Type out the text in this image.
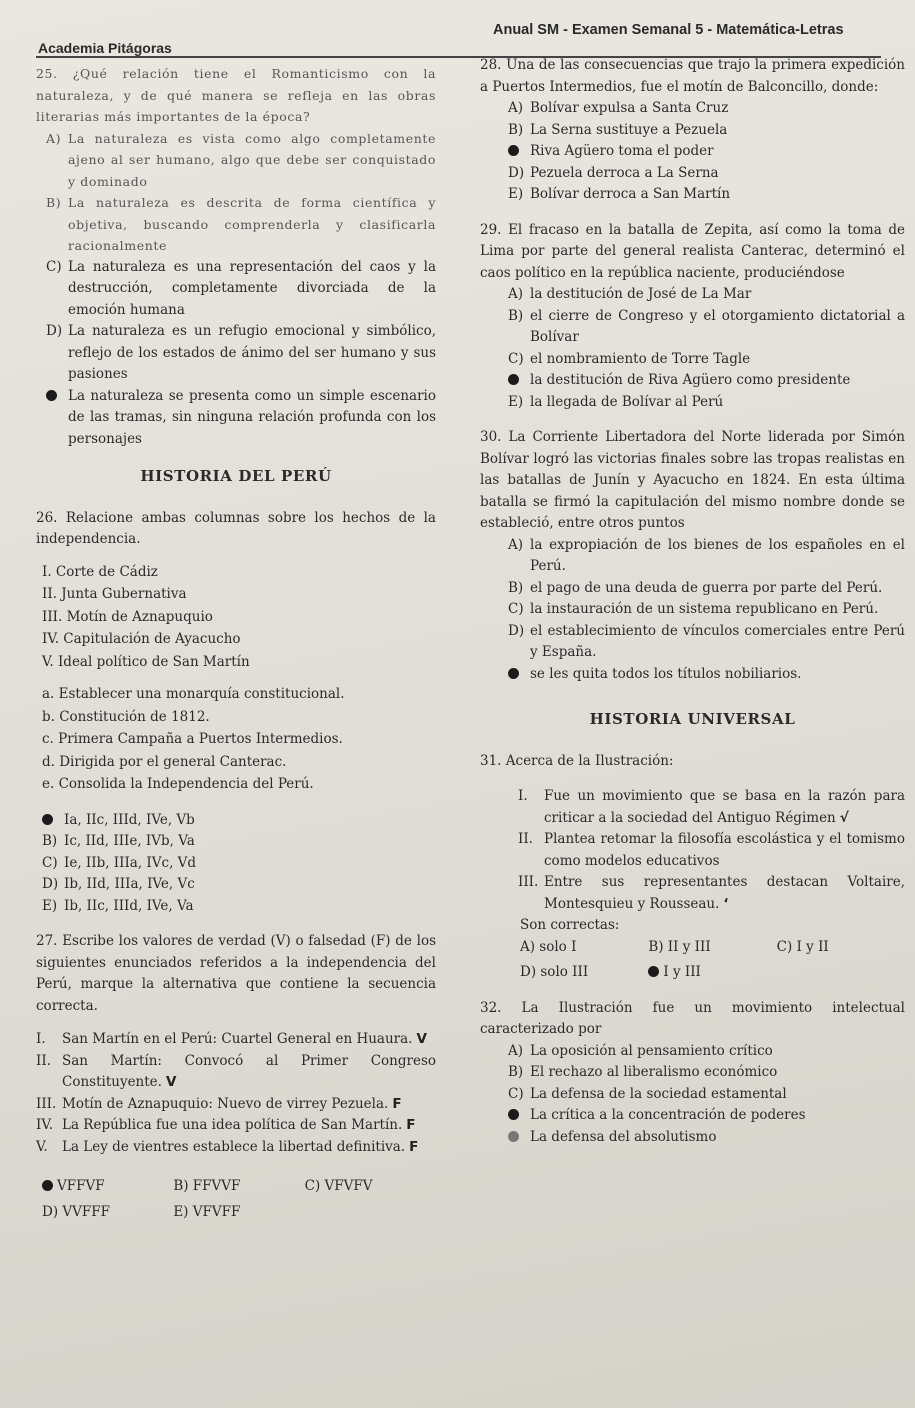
Academia Pitágoras
Anual SM - Examen Semanal 5 - Matemática-Letras
25. ¿Qué relación tiene el Romanticismo con la naturaleza, y de qué manera se refleja en las obras literarias más importantes de la época?
A) La naturaleza es vista como algo completamente ajeno al ser humano, algo que debe ser conquistado y dominado
B) La naturaleza es descrita de forma científica y objetiva, buscando comprenderla y clasificarla racionalmente
C) La naturaleza es una representación del caos y la destrucción, completamente divorciada de la emoción humana
D) La naturaleza es un refugio emocional y simbólico, reflejo de los estados de ánimo del ser humano y sus pasiones
La naturaleza se presenta como un simple escenario de las tramas, sin ninguna relación profunda con los personajes
HISTORIA DEL PERÚ
26. Relacione ambas columnas sobre los hechos de la independencia.
I. Corte de Cádiz
II. Junta Gubernativa
III. Motín de Aznapuquio
IV. Capitulación de Ayacucho
V. Ideal político de San Martín
a. Establecer una monarquía constitucional.
b. Constitución de 1812.
c. Primera Campaña a Puertos Intermedios.
d. Dirigida por el general Canterac.
e. Consolida la Independencia del Perú.
Ia, IIc, IIId, IVe, Vb
B) Ic, IId, IIIe, IVb, Va
C) Ie, IIb, IIIa, IVc, Vd
D) Ib, IId, IIIa, IVe, Vc
E) Ib, IIc, IIId, IVe, Va
27. Escribe los valores de verdad (V) o falsedad (F) de los siguientes enunciados referidos a la independencia del Perú, marque la alternativa que contiene la secuencia correcta.
I. San Martín en el Perú: Cuartel General en Huaura. V
II. San Martín: Convocó al Primer Congreso Constituyente. V
III. Motín de Aznapuquio: Nuevo de virrey Pezuela. F
IV. La República fue una idea política de San Martín. F
V. La Ley de vientres establece la libertad definitiva. F
VFFVF	B) FFVVF	C) VFVFV
D) VVFFF	E) VFVFF
28. Una de las consecuencias que trajo la primera expedición a Puertos Intermedios, fue el motín de Balconcillo, donde:
A) Bolívar expulsa a Santa Cruz
B) La Serna sustituye a Pezuela
Riva Agüero toma el poder
D) Pezuela derroca a La Serna
E) Bolívar derroca a San Martín
29. El fracaso en la batalla de Zepita, así como la toma de Lima por parte del general realista Canterac, determinó el caos político en la república naciente, produciéndose
A) la destitución de José de La Mar
B) el cierre de Congreso y el otorgamiento dictatorial a Bolívar
C) el nombramiento de Torre Tagle
la destitución de Riva Agüero como presidente
E) la llegada de Bolívar al Perú
30. La Corriente Libertadora del Norte liderada por Simón Bolívar logró las victorias finales sobre las tropas realistas en las batallas de Junín y Ayacucho en 1824. En esta última batalla se firmó la capitulación del mismo nombre donde se estableció, entre otros puntos
A) la expropiación de los bienes de los españoles en el Perú.
B) el pago de una deuda de guerra por parte del Perú.
C) la instauración de un sistema republicano en Perú.
D) el establecimiento de vínculos comerciales entre Perú y España.
se les quita todos los títulos nobiliarios.
HISTORIA UNIVERSAL
31. Acerca de la Ilustración:
I. Fue un movimiento que se basa en la razón para criticar a la sociedad del Antiguo Régimen √
II. Plantea retomar la filosofía escolástica y el tomismo como modelos educativos
III. Entre sus representantes destacan Voltaire, Montesquieu y Rousseau. ‘
Son correctas:
A) solo I	B) II y III	C) I y II
D) solo III	I y III
32. La Ilustración fue un movimiento intelectual caracterizado por
A) La oposición al pensamiento crítico
B) El rechazo al liberalismo económico
C) La defensa de la sociedad estamental
La crítica a la concentración de poderes
La defensa del absolutismo
